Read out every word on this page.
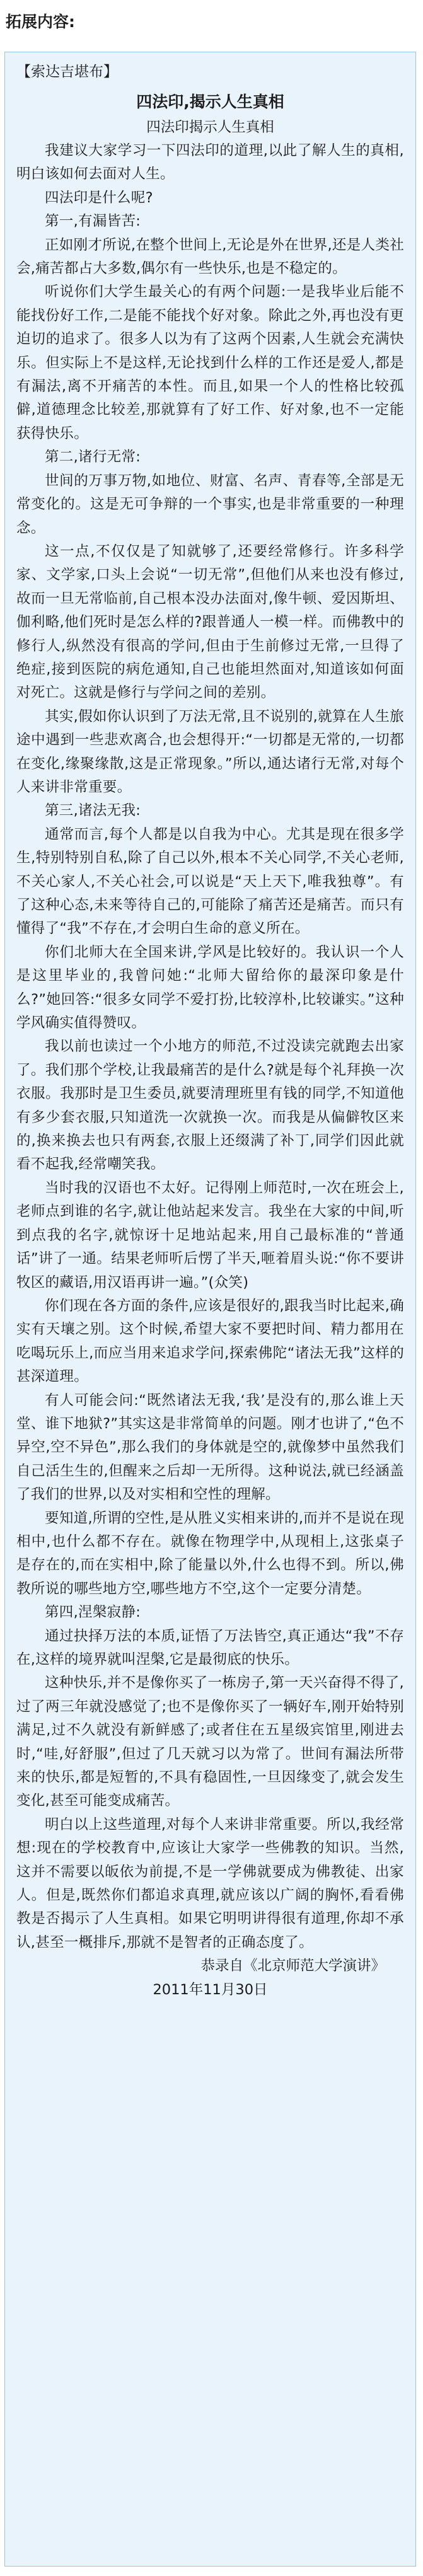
拓展内容:

【索达吉堪布】

四法印,揭示人生真相

四法印揭示人生真相

我建议大家学习一下四法印的道理,以此了解人生的真相,明白该如何去面对人生。

四法印是什么呢?

第一,有漏皆苦:

正如刚才所说,在整个世间上,无论是外在世界,还是人类社会,痛苦都占大多数,偶尔有一些快乐,也是不稳定的。

听说你们大学生最关心的有两个问题:一是我毕业后能不能找份好工作,二是能不能找个好对象。除此之外,再也没有更迫切的追求了。很多人以为有了这两个因素,人生就会充满快乐。但实际上不是这样,无论找到什么样的工作还是爱人,都是有漏法,离不开痛苦的本性。而且,如果一个人的性格比较孤僻,道德理念比较差,那就算有了好工作、好对象,也不一定能获得快乐。

第二,诸行无常:

世间的万事万物,如地位、财富、名声、青春等,全部是无常变化的。这是无可争辩的一个事实,也是非常重要的一种理念。

这一点,不仅仅是了知就够了,还要经常修行。许多科学家、文学家,口头上会说“一切无常”,但他们从来也没有修过,故而一旦无常临前,自己根本没办法面对,像牛顿、爱因斯坦、伽利略,他们死时是怎么样的?跟普通人一模一样。而佛教中的修行人,纵然没有很高的学问,但由于生前修过无常,一旦得了绝症,接到医院的病危通知,自己也能坦然面对,知道该如何面对死亡。这就是修行与学问之间的差别。

其实,假如你认识到了万法无常,且不说别的,就算在人生旅途中遇到一些悲欢离合,也会想得开:“一切都是无常的,一切都在变化,缘聚缘散,这是正常现象。”所以,通达诸行无常,对每个人来讲非常重要。

第三,诸法无我:

通常而言,每个人都是以自我为中心。尤其是现在很多学生,特别特别自私,除了自己以外,根本不关心同学,不关心老师,不关心家人,不关心社会,可以说是“天上天下,唯我独尊”。有了这种心态,未来等待自己的,可能除了痛苦还是痛苦。而只有懂得了“我”不存在,才会明白生命的意义所在。

你们北师大在全国来讲,学风是比较好的。我认识一个人是这里毕业的,我曾问她:“北师大留给你的最深印象是什么?”她回答:“很多女同学不爱打扮,比较淳朴,比较谦实。”这种学风确实值得赞叹。

我以前也读过一个小地方的师范,不过没读完就跑去出家了。我们那个学校,让我最痛苦的是什么?就是每个礼拜换一次衣服。我那时是卫生委员,就要清理班里有钱的同学,不知道他有多少套衣服,只知道洗一次就换一次。而我是从偏僻牧区来的,换来换去也只有两套,衣服上还缀满了补丁,同学们因此就看不起我,经常嘲笑我。

当时我的汉语也不太好。记得刚上师范时,一次在班会上,老师点到谁的名字,就让他站起来发言。我坐在大家的中间,听到点我的名字,就惊讶十足地站起来,用自己最标准的“普通话”讲了一通。结果老师听后愣了半天,咂着眉头说:“你不要讲牧区的藏语,用汉语再讲一遍。”(众笑)

你们现在各方面的条件,应该是很好的,跟我当时比起来,确实有天壤之别。这个时候,希望大家不要把时间、精力都用在吃喝玩乐上,而应当用来追求学问,探索佛陀“诸法无我”这样的甚深道理。

有人可能会问:“既然诸法无我,‘我’是没有的,那么谁上天堂、谁下地狱?”其实这是非常简单的问题。刚才也讲了,“色不异空,空不异色”,那么我们的身体就是空的,就像梦中虽然我们自己活生生的,但醒来之后却一无所得。这种说法,就已经涵盖了我们的世界,以及对实相和空性的理解。

要知道,所谓的空性,是从胜义实相来讲的,而并不是说在现相中,也什么都不存在。就像在物理学中,从现相上,这张桌子是存在的,而在实相中,除了能量以外,什么也得不到。所以,佛教所说的哪些地方空,哪些地方不空,这个一定要分清楚。

第四,涅槃寂静:

通过抉择万法的本质,证悟了万法皆空,真正通达“我”不存在,这样的境界就叫涅槃,它是最彻底的快乐。

这种快乐,并不是像你买了一栋房子,第一天兴奋得不得了,过了两三年就没感觉了;也不是像你买了一辆好车,刚开始特别满足,过不久就没有新鲜感了;或者住在五星级宾馆里,刚进去时,“哇,好舒服”,但过了几天就习以为常了。世间有漏法所带来的快乐,都是短暂的,不具有稳固性,一旦因缘变了,就会发生变化,甚至可能变成痛苦。

明白以上这些道理,对每个人来讲非常重要。所以,我经常想:现在的学校教育中,应该让大家学一些佛教的知识。当然,这并不需要以皈依为前提,不是一学佛就要成为佛教徒、出家人。但是,既然你们都追求真理,就应该以广阔的胸怀,看看佛教是否揭示了人生真相。如果它明明讲得很有道理,你却不承认,甚至一概排斥,那就不是智者的正确态度了。

恭录自《北京师范大学演讲》

2011年11月30日
